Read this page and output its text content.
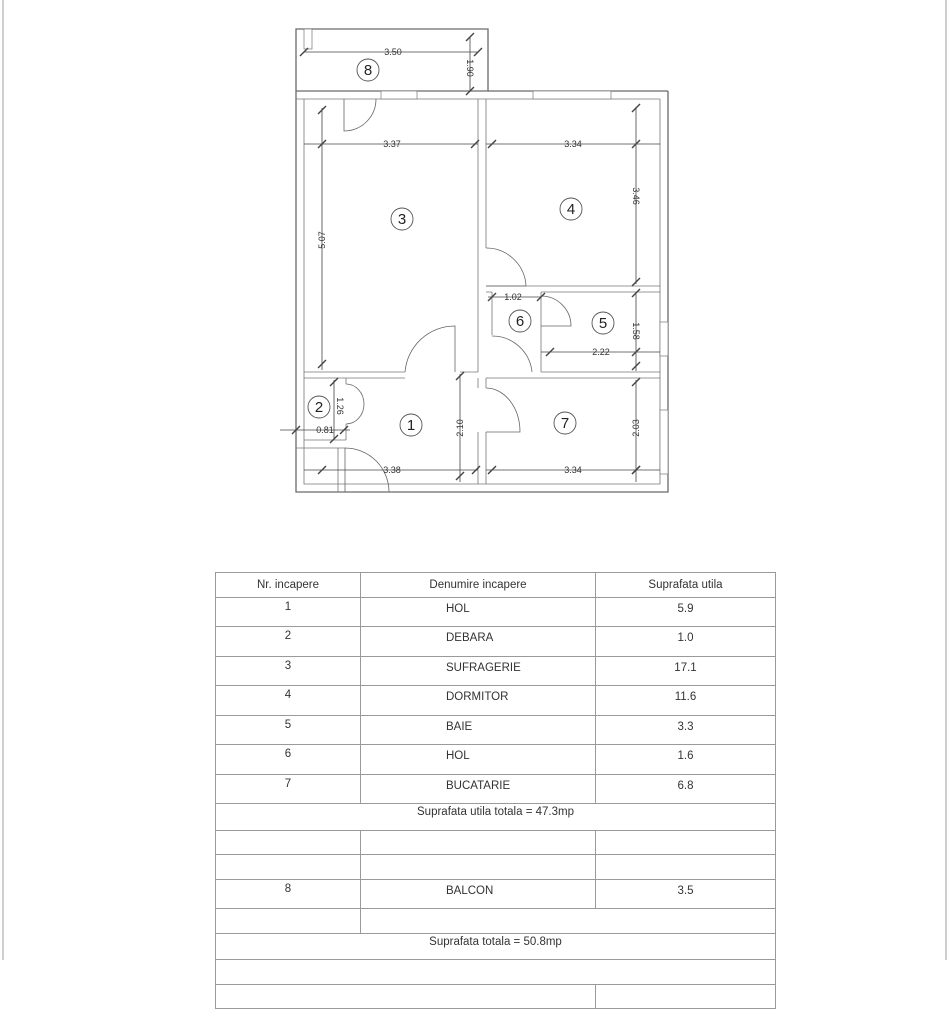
3.50
1.90
3.37
5.07
3.34
3.46
1.02
2.22
1.58
1.26
0.81	2.10
3.38
2.03
3.34
8
3
4
6	5
2
1	7
Nr. incapere	Denumire incapere	Suprafata utila
1	HOL	5.9
2	DEBARA	1.0
3	SUFRAGERIE	17.1
4	DORMITOR	11.6
5	BAIE	3.3
6	HOL	1.6
7	BUCATARIE	6.8
Suprafata utila totala = 47.3mp		

8	BALCON	3.5

Suprafata totala = 50.8mp		
